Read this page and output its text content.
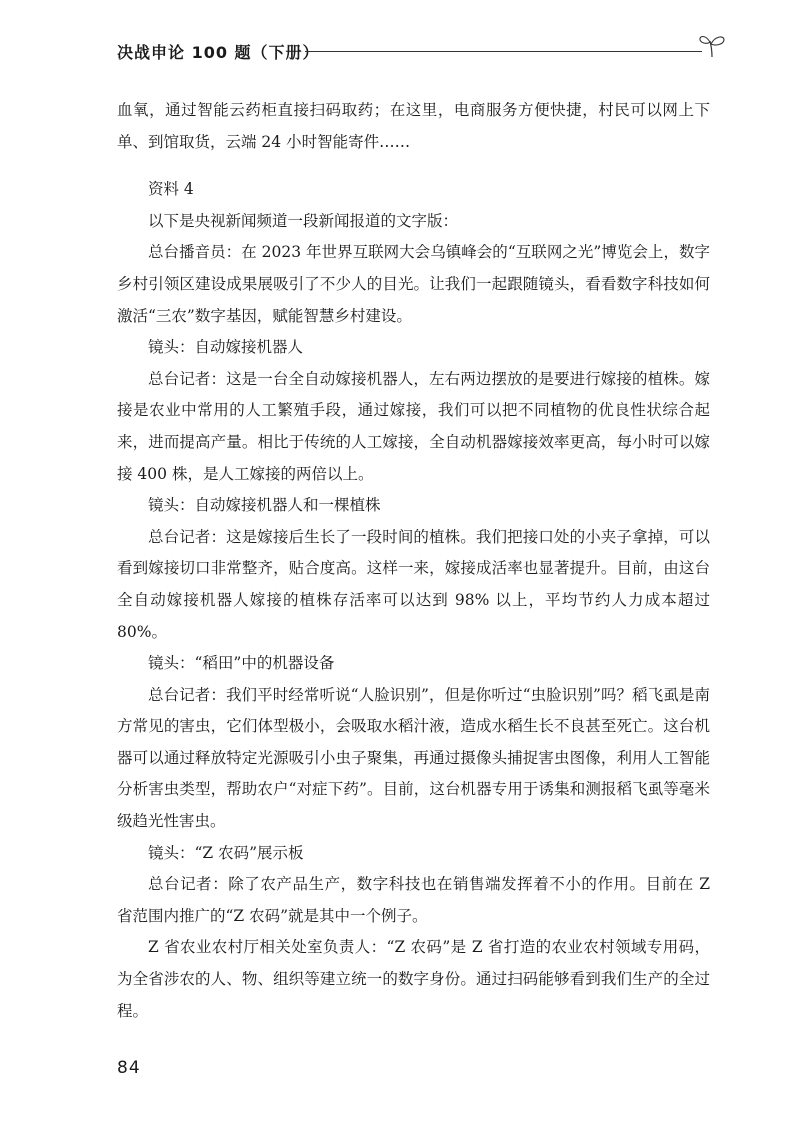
决战申论 100 题（下册）

血氧，通过智能云药柜直接扫码取药；在这里，电商服务方便快捷，村民可以网上下单、到馆取货，云端 24 小时智能寄件……

资料 4

以下是央视新闻频道一段新闻报道的文字版：

总台播音员：在 2023 年世界互联网大会乌镇峰会的“互联网之光”博览会上，数字乡村引领区建设成果展吸引了不少人的目光。让我们一起跟随镜头，看看数字科技如何激活“三农”数字基因，赋能智慧乡村建设。

镜头：自动嫁接机器人

总台记者：这是一台全自动嫁接机器人，左右两边摆放的是要进行嫁接的植株。嫁接是农业中常用的人工繁殖手段，通过嫁接，我们可以把不同植物的优良性状综合起来，进而提高产量。相比于传统的人工嫁接，全自动机器嫁接效率更高，每小时可以嫁接 400 株，是人工嫁接的两倍以上。

镜头：自动嫁接机器人和一棵植株

总台记者：这是嫁接后生长了一段时间的植株。我们把接口处的小夹子拿掉，可以看到嫁接切口非常整齐，贴合度高。这样一来，嫁接成活率也显著提升。目前，由这台全自动嫁接机器人嫁接的植株存活率可以达到 98% 以上，平均节约人力成本超过 80%。

镜头：“稻田”中的机器设备

总台记者：我们平时经常听说“人脸识别”，但是你听过“虫脸识别”吗？稻飞虱是南方常见的害虫，它们体型极小，会吸取水稻汁液，造成水稻生长不良甚至死亡。这台机器可以通过释放特定光源吸引小虫子聚集，再通过摄像头捕捉害虫图像，利用人工智能分析害虫类型，帮助农户“对症下药”。目前，这台机器专用于诱集和测报稻飞虱等毫米级趋光性害虫。

镜头：“Z 农码”展示板

总台记者：除了农产品生产，数字科技也在销售端发挥着不小的作用。目前在 Z 省范围内推广的“Z 农码”就是其中一个例子。

Z 省农业农村厅相关处室负责人：“Z 农码”是 Z 省打造的农业农村领域专用码，为全省涉农的人、物、组织等建立统一的数字身份。通过扫码能够看到我们生产的全过程。

84
